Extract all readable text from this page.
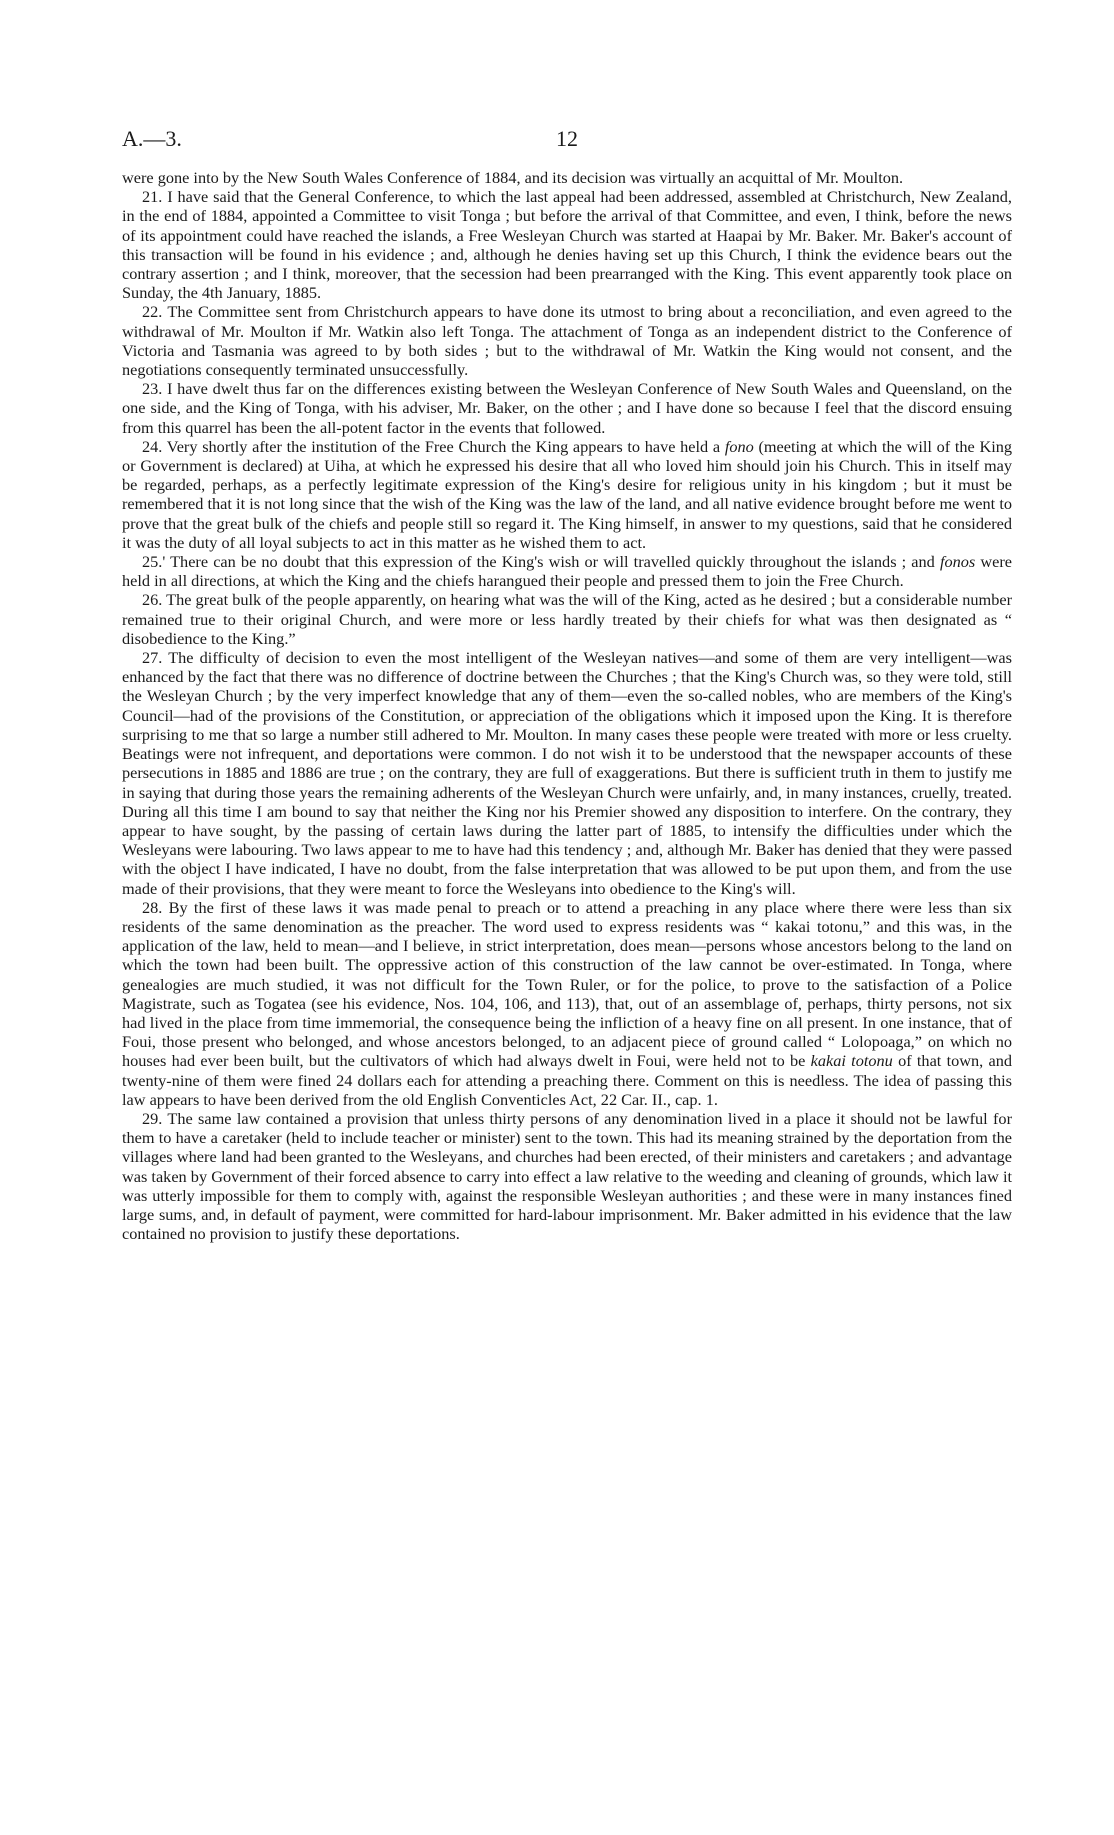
A.—3.	12

were gone into by the New South Wales Conference of 1884, and its decision was virtually an acquittal of Mr. Moulton.

21. I have said that the General Conference, to which the last appeal had been addressed, assembled at Christchurch, New Zealand, in the end of 1884, appointed a Committee to visit Tonga ; but before the arrival of that Committee, and even, I think, before the news of its appointment could have reached the islands, a Free Wesleyan Church was started at Haapai by Mr. Baker. Mr. Baker's account of this transaction will be found in his evidence ; and, although he denies having set up this Church, I think the evidence bears out the contrary assertion ; and I think, moreover, that the secession had been prearranged with the King. This event apparently took place on Sunday, the 4th January, 1885.

22. The Committee sent from Christchurch appears to have done its utmost to bring about a reconciliation, and even agreed to the withdrawal of Mr. Moulton if Mr. Watkin also left Tonga. The attachment of Tonga as an independent district to the Conference of Victoria and Tasmania was agreed to by both sides ; but to the withdrawal of Mr. Watkin the King would not consent, and the negotiations consequently terminated unsuccessfully.

23. I have dwelt thus far on the differences existing between the Wesleyan Conference of New South Wales and Queensland, on the one side, and the King of Tonga, with his adviser, Mr. Baker, on the other ; and I have done so because I feel that the discord ensuing from this quarrel has been the all-potent factor in the events that followed.

24. Very shortly after the institution of the Free Church the King appears to have held a fono (meeting at which the will of the King or Government is declared) at Uiha, at which he expressed his desire that all who loved him should join his Church. This in itself may be regarded, perhaps, as a perfectly legitimate expression of the King's desire for religious unity in his kingdom ; but it must be remembered that it is not long since that the wish of the King was the law of the land, and all native evidence brought before me went to prove that the great bulk of the chiefs and people still so regard it. The King himself, in answer to my questions, said that he considered it was the duty of all loyal subjects to act in this matter as he wished them to act.

25.' There can be no doubt that this expression of the King's wish or will travelled quickly throughout the islands ; and fonos were held in all directions, at which the King and the chiefs harangued their people and pressed them to join the Free Church.

26. The great bulk of the people apparently, on hearing what was the will of the King, acted as he desired ; but a considerable number remained true to their original Church, and were more or less hardly treated by their chiefs for what was then designated as “ disobedience to the King.”

27. The difficulty of decision to even the most intelligent of the Wesleyan natives—and some of them are very intelligent—was enhanced by the fact that there was no difference of doctrine between the Churches ; that the King's Church was, so they were told, still the Wesleyan Church ; by the very imperfect knowledge that any of them—even the so-called nobles, who are members of the King's Council—had of the provisions of the Constitution, or appreciation of the obligations which it imposed upon the King. It is therefore surprising to me that so large a number still adhered to Mr. Moulton. In many cases these people were treated with more or less cruelty. Beatings were not infrequent, and deportations were common. I do not wish it to be understood that the newspaper accounts of these persecutions in 1885 and 1886 are true ; on the contrary, they are full of exaggerations. But there is sufficient truth in them to justify me in saying that during those years the remaining adherents of the Wesleyan Church were unfairly, and, in many instances, cruelly, treated. During all this time I am bound to say that neither the King nor his Premier showed any disposition to interfere. On the contrary, they appear to have sought, by the passing of certain laws during the latter part of 1885, to intensify the difficulties under which the Wesleyans were labouring. Two laws appear to me to have had this tendency ; and, although Mr. Baker has denied that they were passed with the object I have indicated, I have no doubt, from the false interpretation that was allowed to be put upon them, and from the use made of their provisions, that they were meant to force the Wesleyans into obedience to the King's will.

28. By the first of these laws it was made penal to preach or to attend a preaching in any place where there were less than six residents of the same denomination as the preacher. The word used to express residents was “ kakai totonu,” and this was, in the application of the law, held to mean—and I believe, in strict interpretation, does mean—persons whose ancestors belong to the land on which the town had been built. The oppressive action of this construction of the law cannot be over-estimated. In Tonga, where genealogies are much studied, it was not difficult for the Town Ruler, or for the police, to prove to the satisfaction of a Police Magistrate, such as Togatea (see his evidence, Nos. 104, 106, and 113), that, out of an assemblage of, perhaps, thirty persons, not six had lived in the place from time immemorial, the consequence being the infliction of a heavy fine on all present. In one instance, that of Foui, those present who belonged, and whose ancestors belonged, to an adjacent piece of ground called “ Lolopoaga,” on which no houses had ever been built, but the cultivators of which had always dwelt in Foui, were held not to be kakai totonu of that town, and twenty-nine of them were fined 24 dollars each for attending a preaching there. Comment on this is needless. The idea of passing this law appears to have been derived from the old English Conventicles Act, 22 Car. II., cap. 1.

29. The same law contained a provision that unless thirty persons of any denomination lived in a place it should not be lawful for them to have a caretaker (held to include teacher or minister) sent to the town. This had its meaning strained by the deportation from the villages where land had been granted to the Wesleyans, and churches had been erected, of their ministers and caretakers ; and advantage was taken by Government of their forced absence to carry into effect a law relative to the weeding and cleaning of grounds, which law it was utterly impossible for them to comply with, against the responsible Wesleyan authorities ; and these were in many instances fined large sums, and, in default of payment, were committed for hard-labour imprisonment. Mr. Baker admitted in his evidence that the law contained no provision to justify these deportations.
